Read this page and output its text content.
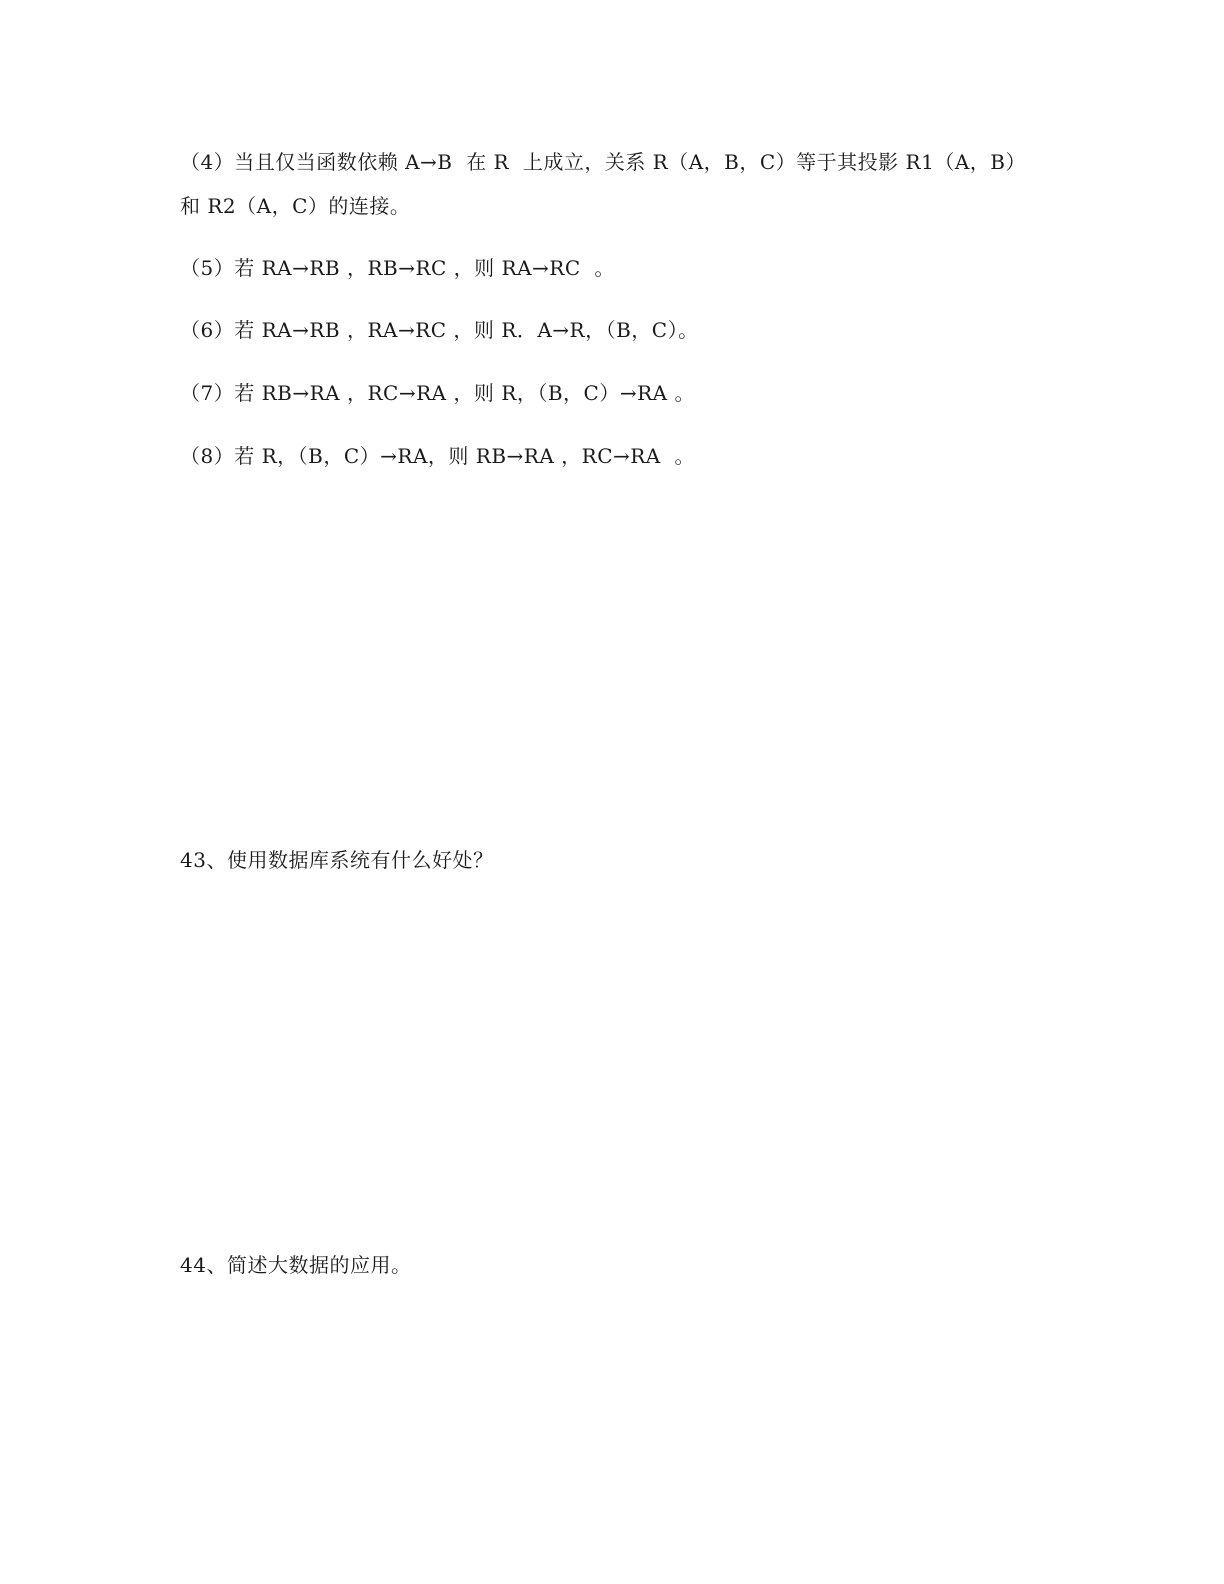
（4）当且仅当函数依赖 A→B  在 R  上成立，关系 R（A，B，C）等于其投影 R1（A，B）
和 R2（A，C）的连接。
（5）若 RA→RB ，RB→RC ，则 RA→RC  。
（6）若 RA→RB ，RA→RC ，则 R．A→R，（B，C）。
（7）若 RB→RA ，RC→RA ，则 R，（B，C）→RA 。
（8）若 R，（B，C）→RA，则 RB→RA ，RC→RA  。
43、使用数据库系统有什么好处？
44、简述大数据的应用。
